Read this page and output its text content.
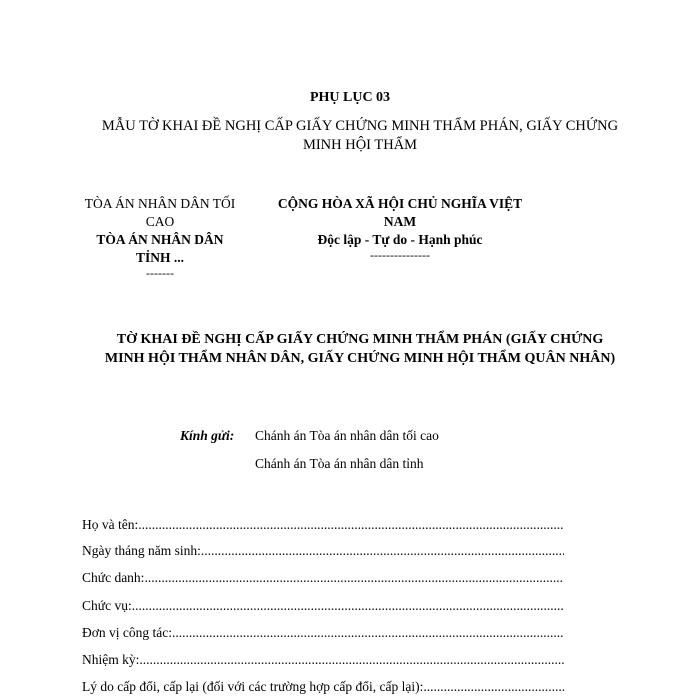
PHỤ LỤC 03
MẪU TỜ KHAI ĐỀ NGHỊ CẤP GIẤY CHỨNG MINH THẨM PHÁN, GIẤY CHỨNG MINH HỘI THẨM
TÒA ÁN NHÂN DÂN TỐI CAO
TÒA ÁN NHÂN DÂN TỈNH ...
-------
CỘNG HÒA XÃ HỘI CHỦ NGHĨA VIỆT NAM
Độc lập - Tự do - Hạnh phúc
---------------
TỜ KHAI ĐỀ NGHỊ CẤP GIẤY CHỨNG MINH THẨM PHÁN (GIẤY CHỨNG MINH HỘI THẨM NHÂN DÂN, GIẤY CHỨNG MINH HỘI THẨM QUÂN NHÂN)
Kính gửi: Chánh án Tòa án nhân dân tối cao
Chánh án Tòa án nhân dân tỉnh
Họ và tên:
.....
Ngày tháng năm sinh:
.....
Chức danh:
.....
Chức vụ:
.....
Đơn vị công tác:
.....
Nhiệm kỳ:
.....
Lý do cấp đổi, cấp lại (đối với các trường hợp cấp đổi, cấp lại):
.....
